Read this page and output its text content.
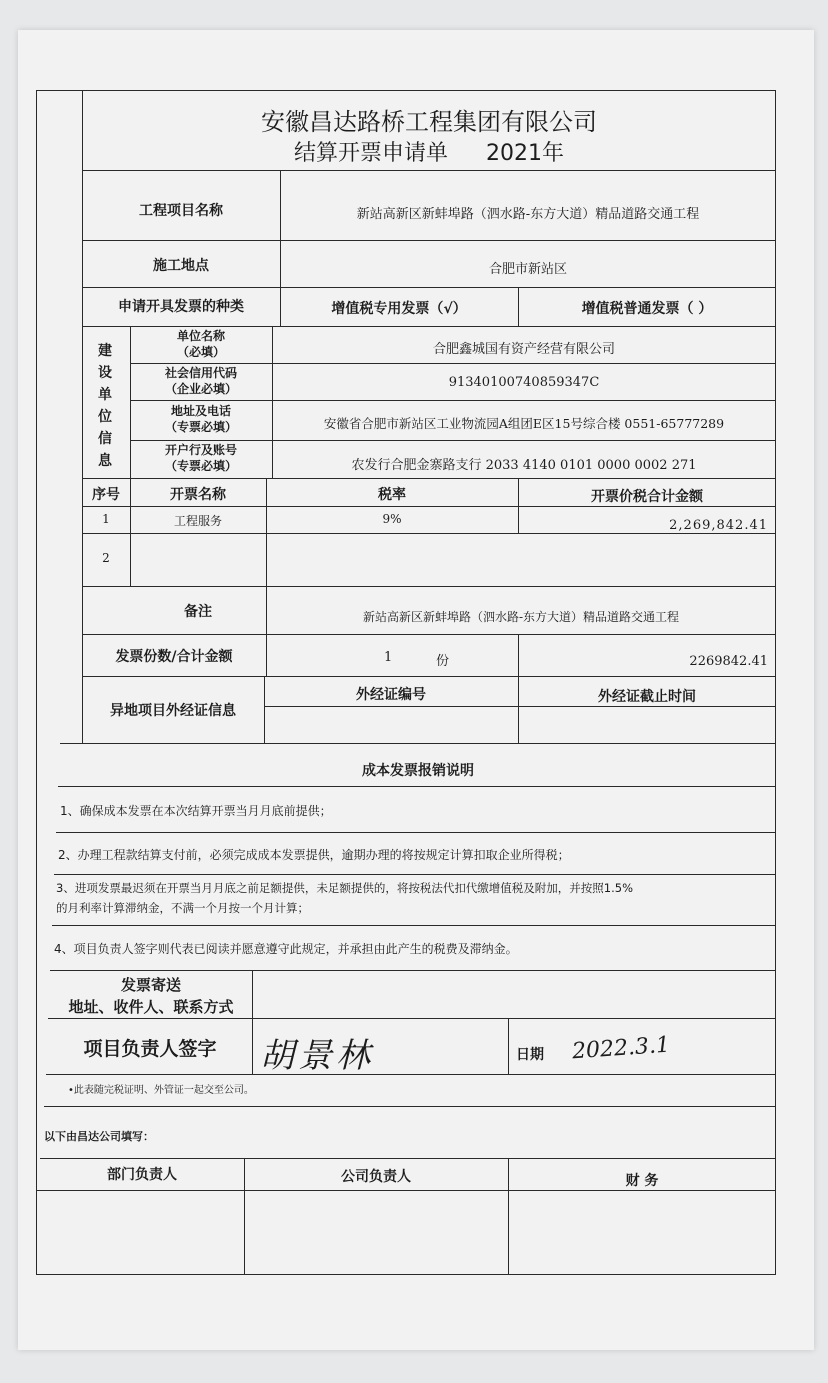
安徽昌达路桥工程集团有限公司
结算开票申请单 2021年
工程项目名称	新站高新区新蚌埠路（泗水路-东方大道）精品道路交通工程
施工地点	合肥市新站区
申请开具发票的种类	增值税专用发票（√）	增值税普通发票（ ）
建设单位信息
单位名称
（必填）	合肥鑫城国有资产经营有限公司
社会信用代码
（企业必填）	91340100740859347C
地址及电话
（专票必填）	安徽省合肥市新站区工业物流园A组团E区15号综合楼 0551-65777289
开户行及账号
（专票必填）	农发行合肥金寨路支行 2033 4140 0101 0000 0002 271
序号	开票名称	税率	开票价税合计金额
1	工程服务	9%	2,269,842.41
2
备注	新站高新区新蚌埠路（泗水路-东方大道）精品道路交通工程
发票份数/合计金额	1	份	2269842.41
异地项目外经证信息
外经证编号	外经证截止时间
成本发票报销说明
1、确保成本发票在本次结算开票当月月底前提供；
2、办理工程款结算支付前，必须完成成本发票提供，逾期办理的将按规定计算扣取企业所得税；
3、进项发票最迟须在开票当月月底之前足额提供，未足额提供的，将按税法代扣代缴增值税及附加，并按照1.5%
的月利率计算滞纳金，不满一个月按一个月计算；
4、项目负责人签字则代表已阅读并愿意遵守此规定，并承担由此产生的税费及滞纳金。
发票寄送
地址、收件人、联系方式
项目负责人签字	胡景林	日期 2022.3.1
•此表随完税证明、外管证一起交至公司。
以下由昌达公司填写：
部门负责人	公司负责人	财 务
